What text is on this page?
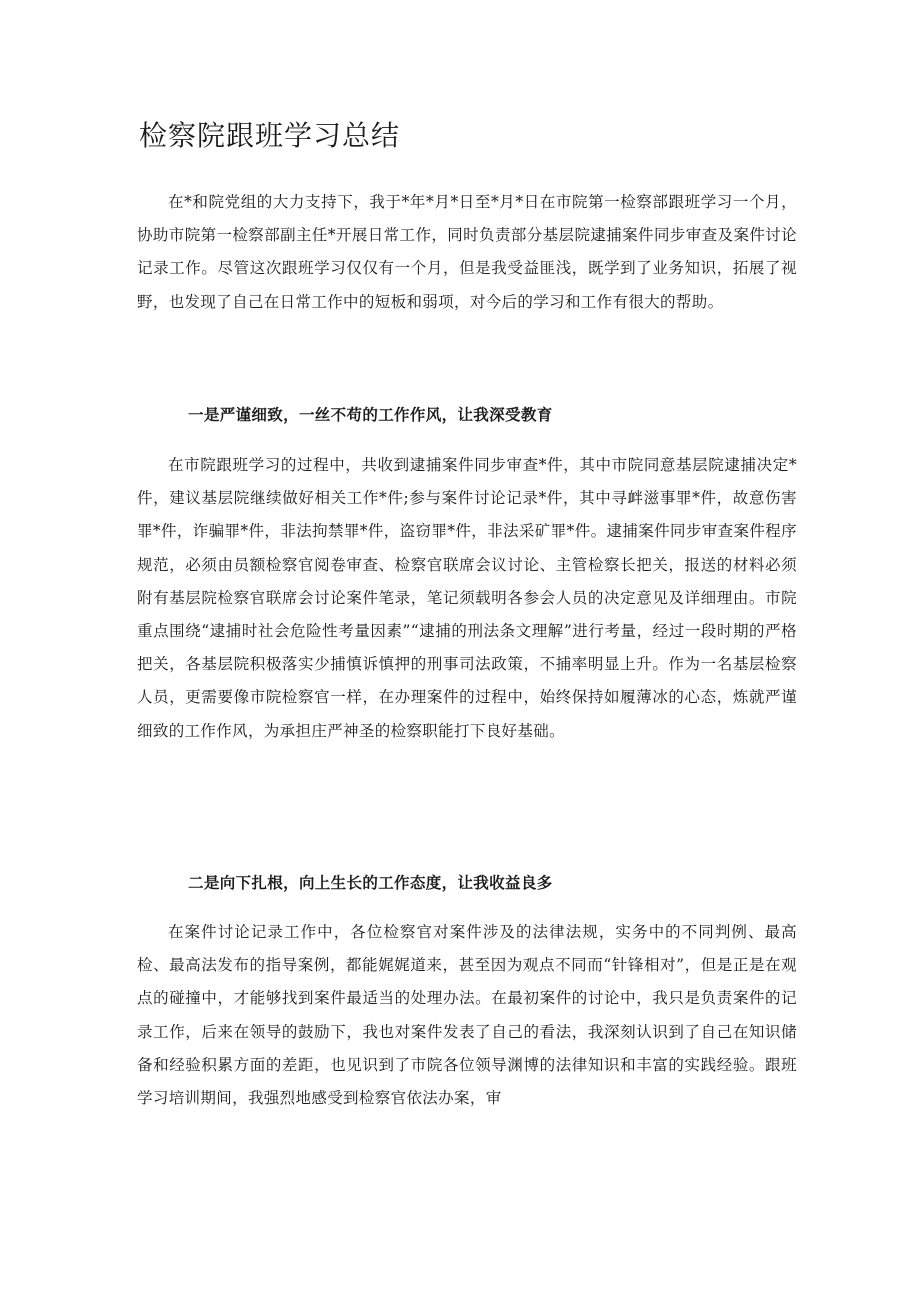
检察院跟班学习总结

在*和院党组的大力支持下，我于*年*月*日至*月*日在市院第一检察部跟班学习一个月，协助市院第一检察部副主任*开展日常工作，同时负责部分基层院逮捕案件同步审查及案件讨论记录工作。尽管这次跟班学习仅仅有一个月，但是我受益匪浅，既学到了业务知识，拓展了视野，也发现了自己在日常工作中的短板和弱项，对今后的学习和工作有很大的帮助。

一是严谨细致，一丝不苟的工作作风，让我深受教育

在市院跟班学习的过程中，共收到逮捕案件同步审查*件，其中市院同意基层院逮捕决定*件，建议基层院继续做好相关工作*件;参与案件讨论记录*件，其中寻衅滋事罪*件，故意伤害罪*件，诈骗罪*件，非法拘禁罪*件，盗窃罪*件，非法采矿罪*件。逮捕案件同步审查案件程序规范，必须由员额检察官阅卷审查、检察官联席会议讨论、主管检察长把关，报送的材料必须附有基层院检察官联席会讨论案件笔录，笔记须载明各参会人员的决定意见及详细理由。市院重点围绕“逮捕时社会危险性考量因素”“逮捕的刑法条文理解”进行考量，经过一段时期的严格把关，各基层院积极落实少捕慎诉慎押的刑事司法政策，不捕率明显上升。作为一名基层检察人员，更需要像市院检察官一样，在办理案件的过程中，始终保持如履薄冰的心态，炼就严谨细致的工作作风，为承担庄严神圣的检察职能打下良好基础。

二是向下扎根，向上生长的工作态度，让我收益良多

在案件讨论记录工作中，各位检察官对案件涉及的法律法规，实务中的不同判例、最高检、最高法发布的指导案例，都能娓娓道来，甚至因为观点不同而“针锋相对”，但是正是在观点的碰撞中，才能够找到案件最适当的处理办法。在最初案件的讨论中，我只是负责案件的记录工作，后来在领导的鼓励下，我也对案件发表了自己的看法，我深刻认识到了自己在知识储备和经验积累方面的差距，也见识到了市院各位领导渊博的法律知识和丰富的实践经验。跟班学习培训期间，我强烈地感受到检察官依法办案，审
